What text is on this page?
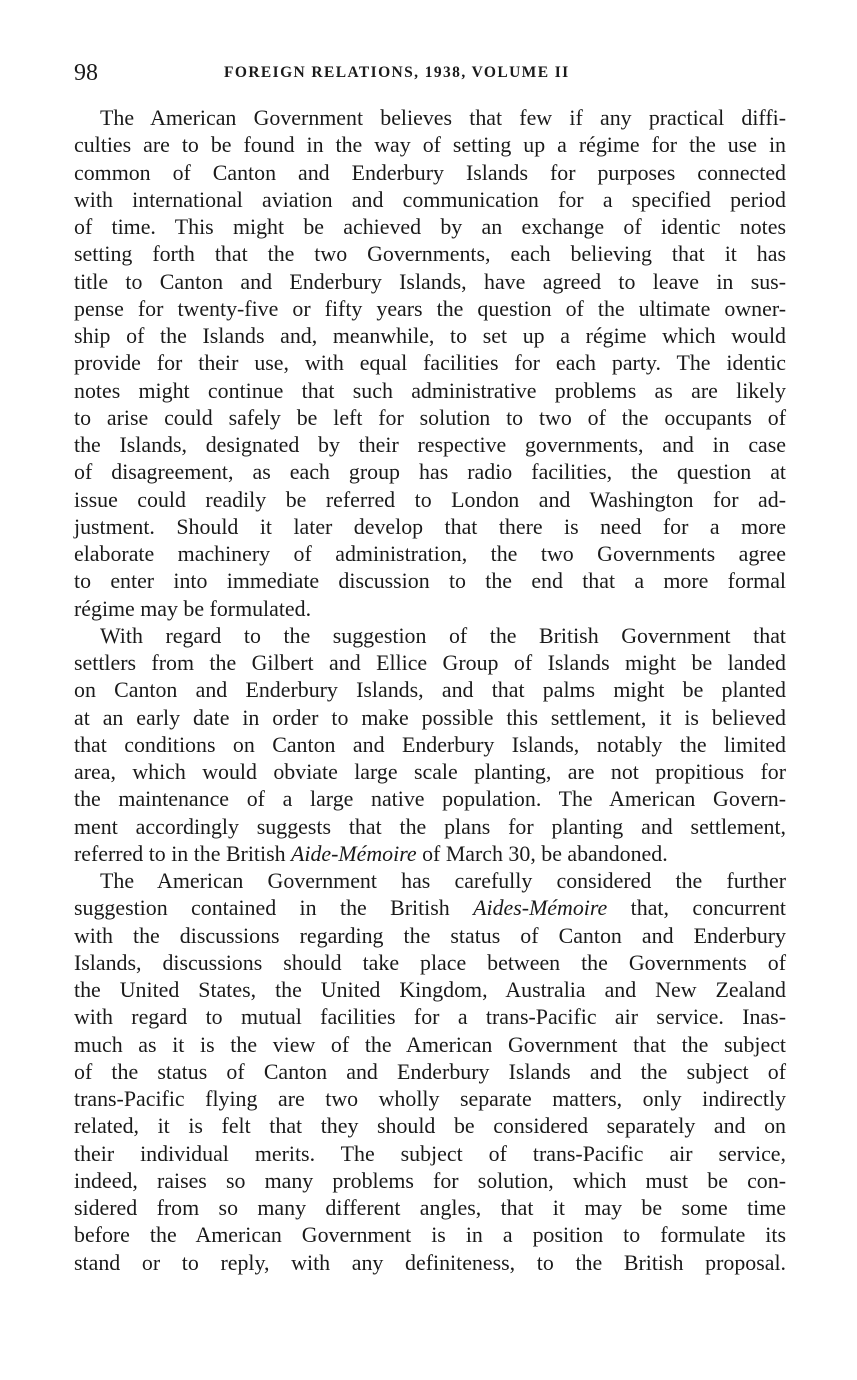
98	FOREIGN RELATIONS, 1938, VOLUME II

The American Government believes that few if any practical diffi-
culties are to be found in the way of setting up a régime for the use in
common of Canton and Enderbury Islands for purposes connected
with international aviation and communication for a specified period
of time. This might be achieved by an exchange of identic notes
setting forth that the two Governments, each believing that it has
title to Canton and Enderbury Islands, have agreed to leave in sus-
pense for twenty-five or fifty years the question of the ultimate owner-
ship of the Islands and, meanwhile, to set up a régime which would
provide for their use, with equal facilities for each party. The identic
notes might continue that such administrative problems as are likely
to arise could safely be left for solution to two of the occupants of
the Islands, designated by their respective governments, and in case
of disagreement, as each group has radio facilities, the question at
issue could readily be referred to London and Washington for ad-
justment. Should it later develop that there is need for a more
elaborate machinery of administration, the two Governments agree
to enter into immediate discussion to the end that a more formal
régime may be formulated.

With regard to the suggestion of the British Government that
settlers from the Gilbert and Ellice Group of Islands might be landed
on Canton and Enderbury Islands, and that palms might be planted
at an early date in order to make possible this settlement, it is believed
that conditions on Canton and Enderbury Islands, notably the limited
area, which would obviate large scale planting, are not propitious for
the maintenance of a large native population. The American Govern-
ment accordingly suggests that the plans for planting and settlement,
referred to in the British Aide-Mémoire of March 30, be abandoned.

The American Government has carefully considered the further
suggestion contained in the British Aides-Mémoire that, concurrent
with the discussions regarding the status of Canton and Enderbury
Islands, discussions should take place between the Governments of
the United States, the United Kingdom, Australia and New Zealand
with regard to mutual facilities for a trans-Pacific air service. Inas-
much as it is the view of the American Government that the subject
of the status of Canton and Enderbury Islands and the subject of
trans-Pacific flying are two wholly separate matters, only indirectly
related, it is felt that they should be considered separately and on
their individual merits. The subject of trans-Pacific air service,
indeed, raises so many problems for solution, which must be con-
sidered from so many different angles, that it may be some time
before the American Government is in a position to formulate its
stand or to reply, with any definiteness, to the British proposal.
